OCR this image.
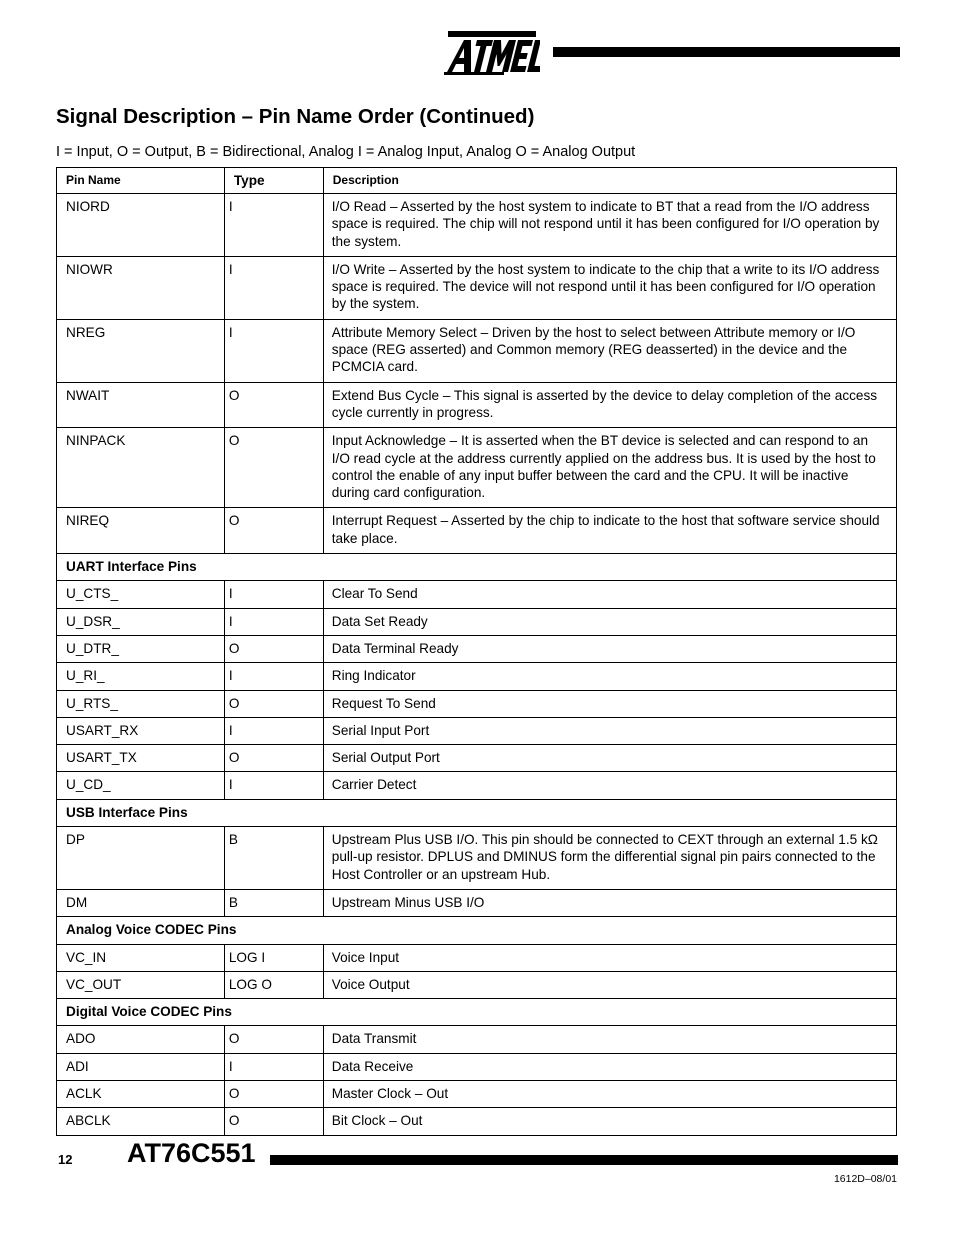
Signal Description – Pin Name Order (Continued)
I = Input, O = Output, B = Bidirectional, Analog I = Analog Input, Analog O = Analog Output
Pin Name	Type	Description
NIORD	I	I/O Read – Asserted by the host system to indicate to BT that a read from the I/O address space is required. The chip will not respond until it has been configured for I/O operation by the system.
NIOWR	I	I/O Write – Asserted by the host system to indicate to the chip that a write to its I/O address space is required. The device will not respond until it has been configured for I/O operation by the system.
NREG	I	Attribute Memory Select – Driven by the host to select between Attribute memory or I/O space (REG asserted) and Common memory (REG deasserted) in the device and the PCMCIA card.
NWAIT	O	Extend Bus Cycle – This signal is asserted by the device to delay completion of the access cycle currently in progress.
NINPACK	O	Input Acknowledge – It is asserted when the BT device is selected and can respond to an I/O read cycle at the address currently applied on the address bus. It is used by the host to control the enable of any input buffer between the card and the CPU. It will be inactive during card configuration.
NIREQ	O	Interrupt Request – Asserted by the chip to indicate to the host that software service should take place.
UART Interface Pins		
U_CTS_	I	Clear To Send
U_DSR_	I	Data Set Ready
U_DTR_	O	Data Terminal Ready
U_RI_	I	Ring Indicator
U_RTS_	O	Request To Send
USART_RX	I	Serial Input Port
USART_TX	O	Serial Output Port
U_CD_	I	Carrier Detect
USB Interface Pins		
DP	B	Upstream Plus USB I/O. This pin should be connected to CEXT through an external 1.5 kΩ pull-up resistor. DPLUS and DMINUS form the differential signal pin pairs connected to the Host Controller or an upstream Hub.
DM	B	Upstream Minus USB I/O
Analog Voice CODEC Pins		
VC_IN	LOG I	Voice Input
VC_OUT	LOG O	Voice Output
Digital Voice CODEC Pins		
ADO	O	Data Transmit
ADI	I	Data Receive
ACLK	O	Master Clock – Out
ABCLK	O	Bit Clock – Out
12 AT76C551
1612D–08/01
